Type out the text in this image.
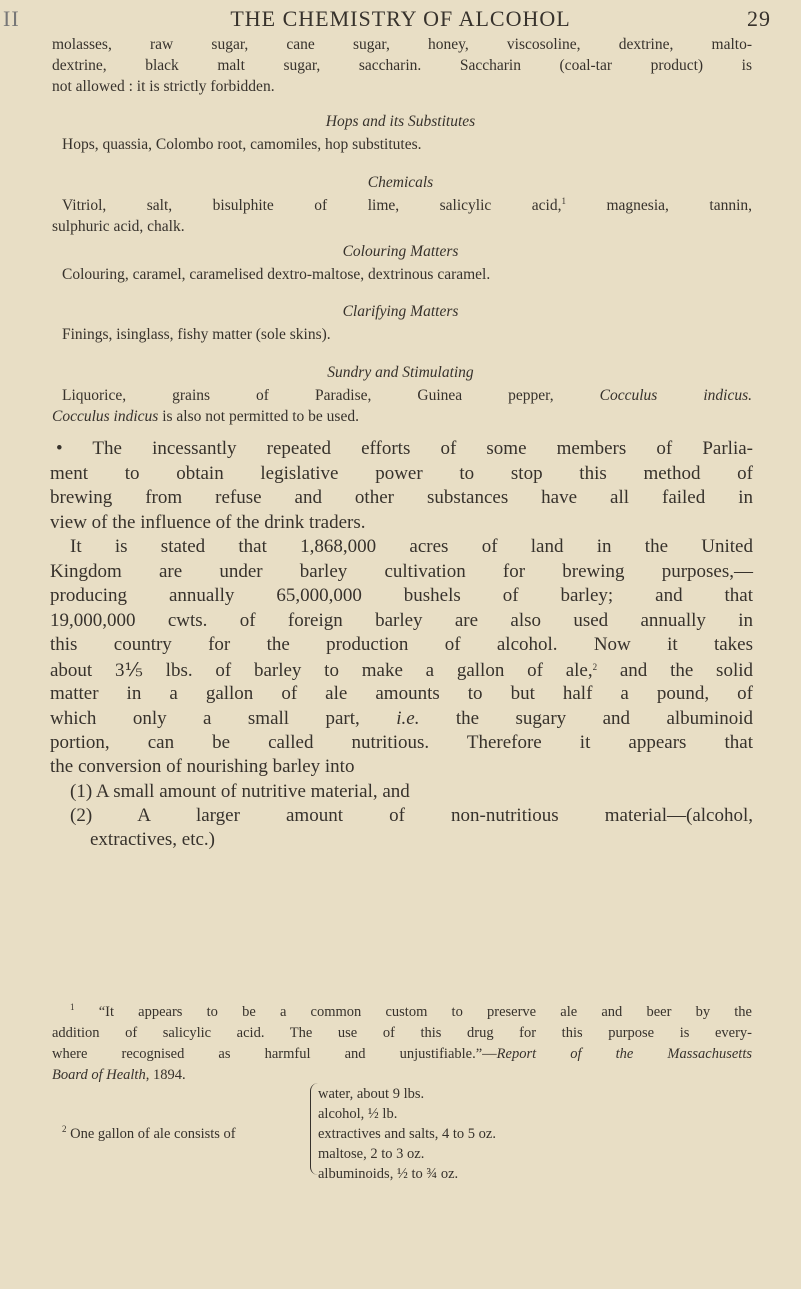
II	THE CHEMISTRY OF ALCOHOL	29
molasses, raw sugar, cane sugar, honey, viscosoline, dextrine, malto-
dextrine, black malt sugar, saccharin. Saccharin (coal-tar product) is
not allowed : it is strictly forbidden.
Hops and its Substitutes
Hops, quassia, Colombo root, camomiles, hop substitutes.
Chemicals
Vitriol, salt, bisulphite of lime, salicylic acid,$^1$	magnesia, tannin,
sulphuric acid, chalk.
Colouring Matters
Colouring, caramel, caramelised dextro-maltose, dextrinous caramel.
Clarifying Matters
Finings, isinglass, fishy matter (sole skins).
Sundry and Stimulating
Liquorice, grains of Paradise, Guinea pepper,	Cocculus indicus.
Cocculus indicus is also not permitted to be used.
• The incessantly repeated efforts of some members of Parlia-
ment to obtain legislative power to stop this method of
brewing from refuse and other substances have all failed in
view of the influence of the drink traders.
It is stated that 1,868,000 acres of land in the United
Kingdom are under barley cultivation for brewing purposes,—
producing annually 65,000,000 bushels of barley; and that
19,000,000 cwts. of foreign barley are also used annually in
this country for the production of alcohol. Now it takes
about 3⅕ lbs. of barley to make a gallon of ale,$^2$ and the solid
matter in a gallon of ale amounts to but half a pound, of
which only a small part, i.e. the sugary and albuminoid
portion, can be called nutritious. Therefore it appears that
the conversion of nourishing barley into
(1) A small amount of nutritive material, and
(2) A larger amount of non-nutritious material—(alcohol,
extractives, etc.)
$^1$ “It appears to be a common custom to preserve ale and beer by the
addition of salicylic acid. The use of this drug for this purpose is every-
where recognised as harmful and unjustifiable.”—Report of the Massachusetts
Board of Health, 1894.
$^2$ One gallon of ale consists of
water, about 9 lbs.
alcohol, ½ lb.
extractives and salts, 4 to 5 oz.
maltose, 2 to 3 oz.
albuminoids, ½ to ¾ oz.
